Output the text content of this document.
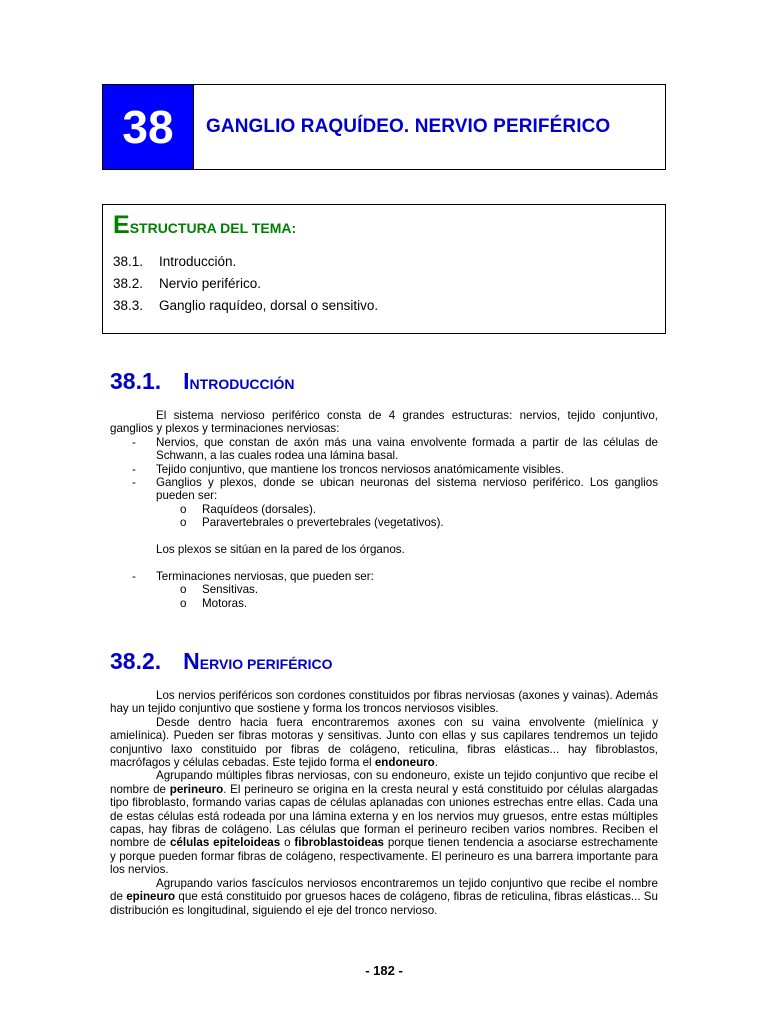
38	GANGLIO RAQUÍDEO. NERVIO PERIFÉRICO
ESTRUCTURA DEL TEMA:
38.1.	Introducción.
38.2.	Nervio periférico.
38.3.	Ganglio raquídeo, dorsal o sensitivo.
38.1. INTRODUCCIÓN

El sistema nervioso periférico consta de 4 grandes estructuras: nervios, tejido conjuntivo, ganglios y plexos y terminaciones nerviosas:

-	Nervios, que constan de axón más una vaina envolvente formada a partir de las células de Schwann, a las cuales rodea una lámina basal.
-	Tejido conjuntivo, que mantiene los troncos nerviosos anatómicamente visibles.
-	Ganglios y plexos, donde se ubican neuronas del sistema nervioso periférico. Los ganglios pueden ser:
o	Raquídeos (dorsales).
o	Paravertebrales o prevertebrales (vegetativos).

Los plexos se sitúan en la pared de los órganos.

-	Terminaciones nerviosas, que pueden ser:
o	Sensitivas.
o	Motoras.
38.2. NERVIO PERIFÉRICO

Los nervios periféricos son cordones constituidos por fibras nerviosas (axones y vainas). Además hay un tejido conjuntivo que sostiene y forma los troncos nerviosos visibles.

Desde dentro hacia fuera encontraremos axones con su vaina envolvente (mielínica y amielínica). Pueden ser fibras motoras y sensitivas. Junto con ellas y sus capilares tendremos un tejido conjuntivo laxo constituido por fibras de colágeno, reticulina, fibras elásticas... hay fibroblastos, macrófagos y células cebadas. Este tejido forma el endoneuro.

Agrupando múltiples fibras nerviosas, con su endoneuro, existe un tejido conjuntivo que recibe el nombre de perineuro. El perineuro se origina en la cresta neural y está constituido por células alargadas tipo fibroblasto, formando varias capas de células aplanadas con uniones estrechas entre ellas. Cada una de estas células está rodeada por una lámina externa y en los nervios muy gruesos, entre estas múltiples capas, hay fibras de colágeno. Las células que forman el perineuro reciben varios nombres. Reciben el nombre de células epiteloideas o fibroblastoideas porque tienen tendencia a asociarse estrechamente y porque pueden formar fibras de colágeno, respectivamente. El perineuro es una barrera importante para los nervios.

Agrupando varios fascículos nerviosos encontraremos un tejido conjuntivo que recibe el nombre de epineuro que está constituido por gruesos haces de colágeno, fibras de reticulina, fibras elásticas... Su distribución es longitudinal, siguiendo el eje del tronco nervioso.

- 182 -
